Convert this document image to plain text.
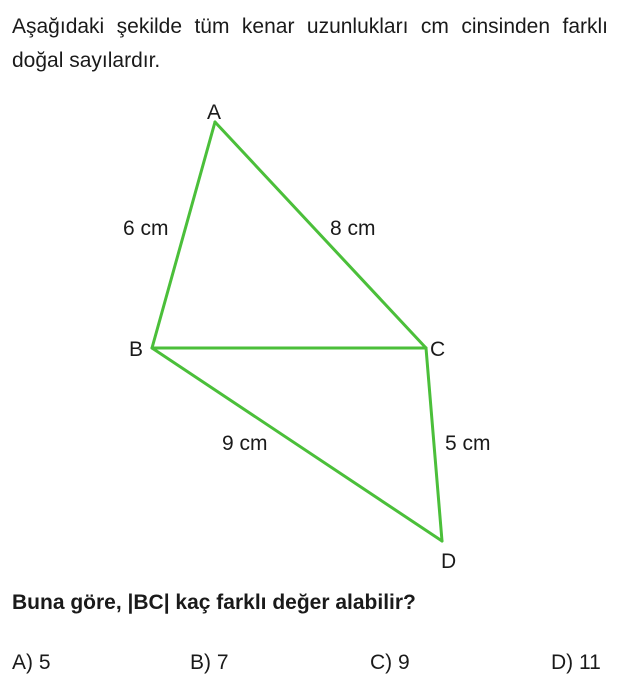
Aşağıdaki şekilde tüm kenar uzunlukları cm cinsinden farklı doğal sayılardır.

A
B	C
D
6 cm	8 cm
9 cm	5 cm

Buna göre, |BC| kaç farklı değer alabilir?

A) 5	B) 7	C) 9	D) 11
